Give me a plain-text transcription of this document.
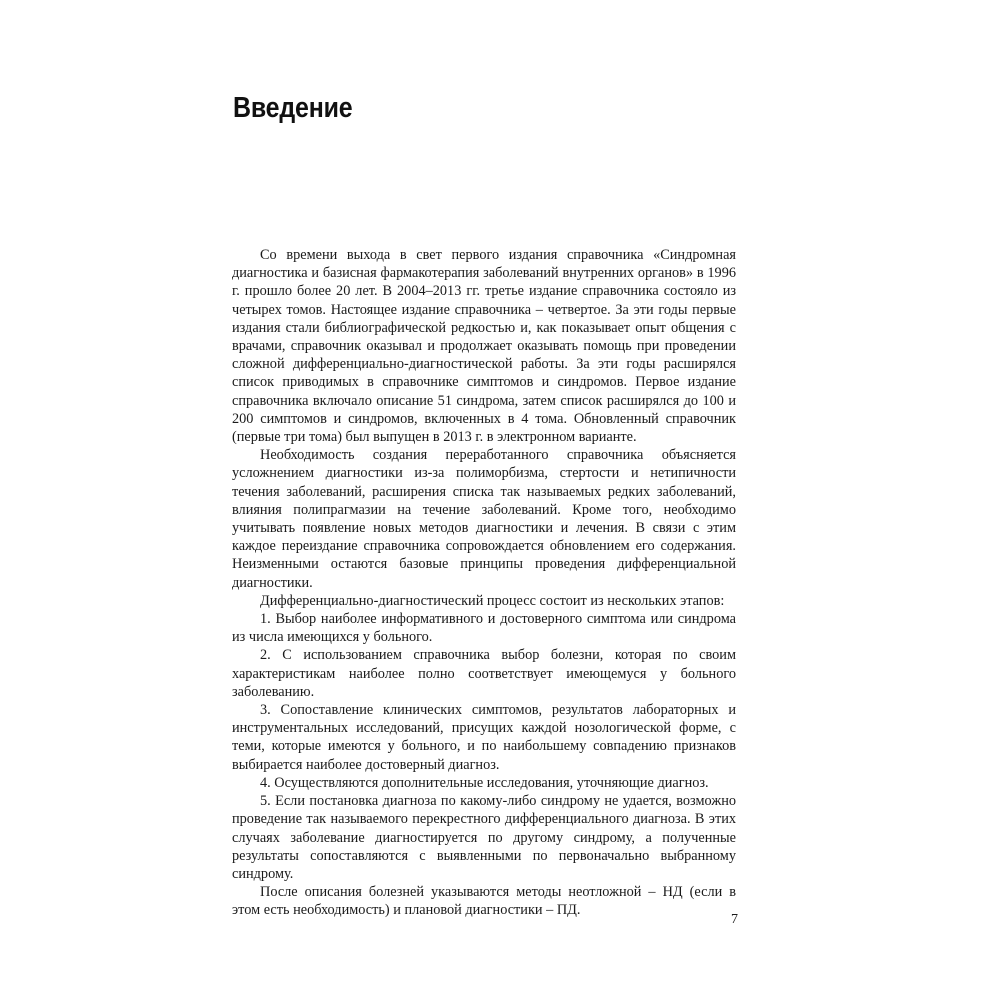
Введение

Со времени выхода в свет первого издания справочника «Синдромная диагностика и базисная фармакотерапия заболеваний внутренних органов» в 1996 г. прошло более 20 лет. В 2004–2013 гг. третье издание справочника состояло из четырех томов. Настоящее издание справочника – четвертое. За эти годы первые издания стали библиографической редкостью и, как показывает опыт общения с врачами, справочник оказывал и продолжает оказывать помощь при проведении сложной дифференциально-диагностической работы. За эти годы расширялся список приводимых в справочнике симптомов и синдромов. Первое издание справочника включало описание 51 синдрома, затем список расширялся до 100 и 200 симптомов и синдромов, включенных в 4 тома. Обновленный справочник (первые три тома) был выпущен в 2013 г. в электронном варианте.

Необходимость создания переработанного справочника объясняется усложнением диагностики из-за полиморбизма, стертости и нетипичности течения заболеваний, расширения списка так называемых редких заболеваний, влияния полипрагмазии на течение заболеваний. Кроме того, необходимо учитывать появление новых методов диагностики и лечения. В связи с этим каждое переиздание справочника сопровождается обновлением его содержания. Неизменными остаются базовые принципы проведения дифференциальной диагностики.

Дифференциально-диагностический процесс состоит из нескольких этапов:

1. Выбор наиболее информативного и достоверного симптома или синдрома из числа имеющихся у больного.

2. С использованием справочника выбор болезни, которая по своим характеристикам наиболее полно соответствует имеющемуся у больного заболеванию.

3. Сопоставление клинических симптомов, результатов лабораторных и инструментальных исследований, присущих каждой нозологической форме, с теми, которые имеются у больного, и по наибольшему совпадению признаков выбирается наиболее достоверный диагноз.

4. Осуществляются дополнительные исследования, уточняющие диагноз.

5. Если постановка диагноза по какому-либо синдрому не удается, возможно проведение так называемого перекрестного дифференциального диагноза. В этих случаях заболевание диагностируется по другому синдрому, а полученные результаты сопоставляются с выявленными по первоначально выбранному синдрому.

После описания болезней указываются методы неотложной – НД (если в этом есть необходимость) и плановой диагностики – ПД.

7
